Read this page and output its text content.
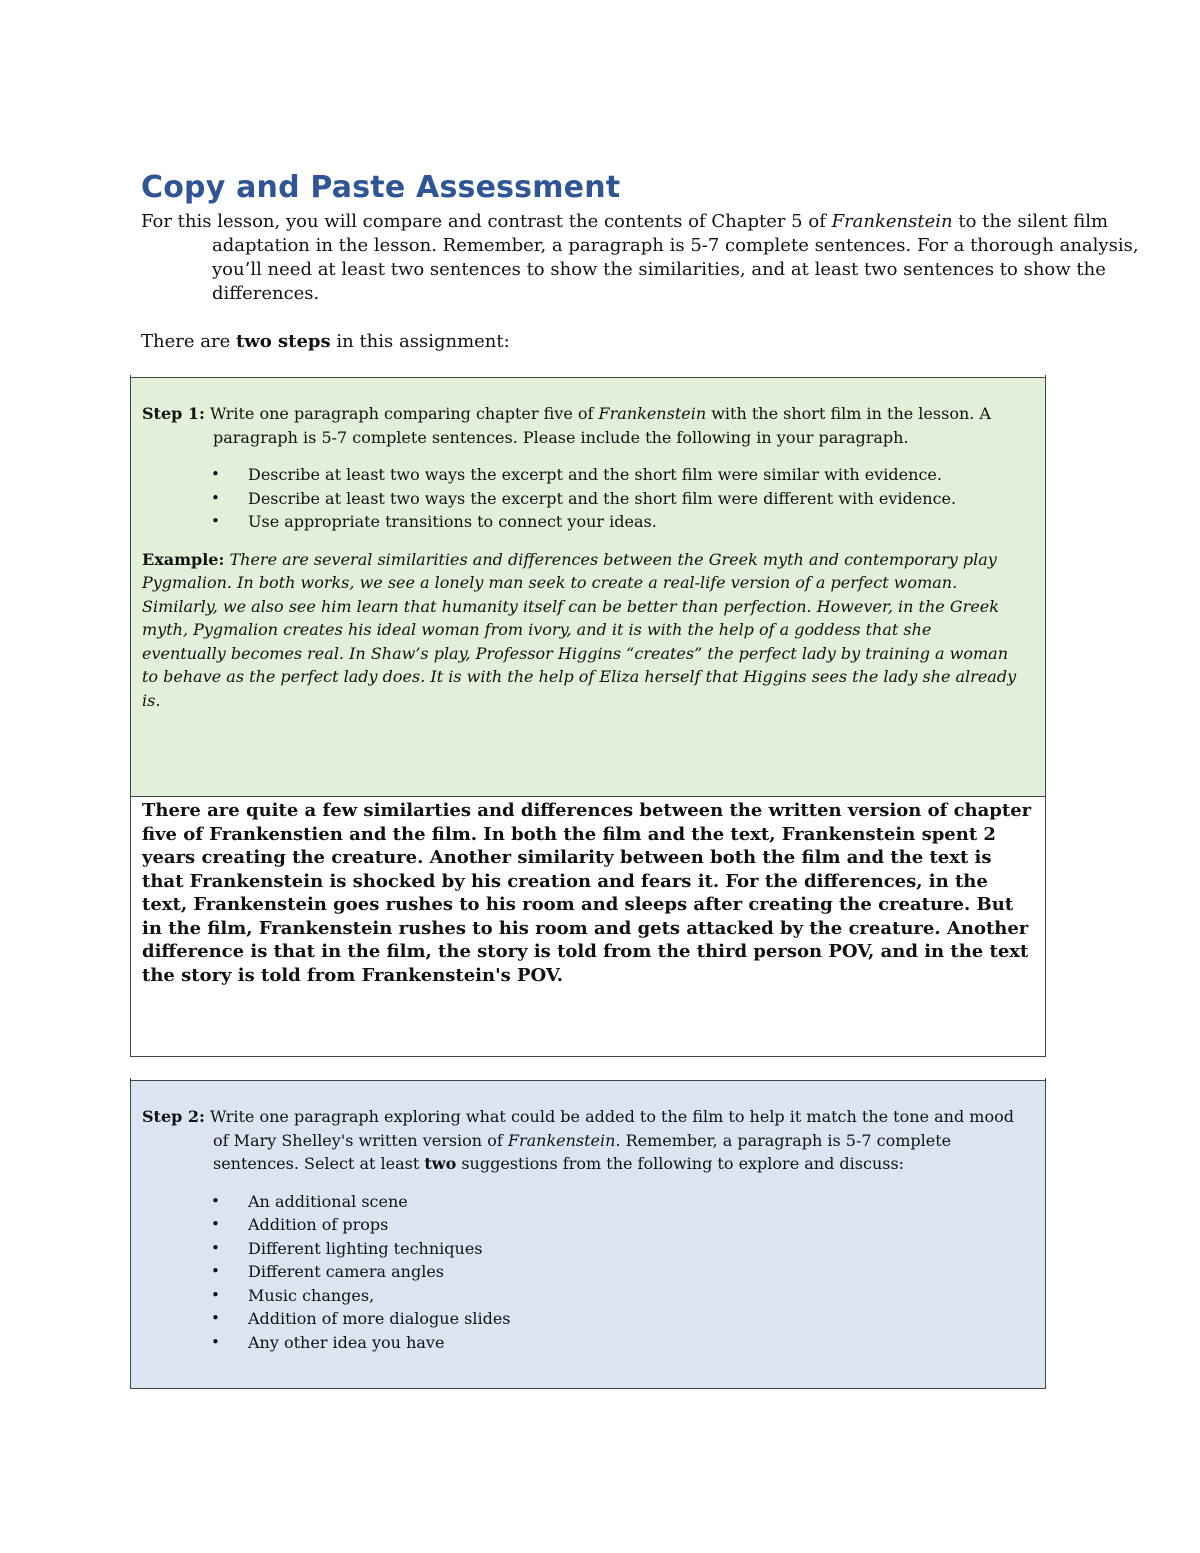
Copy and Paste Assessment

For this lesson, you will compare and contrast the contents of Chapter 5 of Frankenstein to the silent film adaptation in the lesson. Remember, a paragraph is 5-7 complete sentences. For a thorough analysis, you’ll need at least two sentences to show the similarities, and at least two sentences to show the differences.

There are two steps in this assignment:

Step 1: Write one paragraph comparing chapter five of Frankenstein with the short film in the lesson. A paragraph is 5-7 complete sentences. Please include the following in your paragraph.

• Describe at least two ways the excerpt and the short film were similar with evidence.
• Describe at least two ways the excerpt and the short film were different with evidence.
• Use appropriate transitions to connect your ideas.

Example: There are several similarities and differences between the Greek myth and contemporary play Pygmalion. In both works, we see a lonely man seek to create a real-life version of a perfect woman. Similarly, we also see him learn that humanity itself can be better than perfection. However, in the Greek myth, Pygmalion creates his ideal woman from ivory, and it is with the help of a goddess that she eventually becomes real. In Shaw’s play, Professor Higgins “creates” the perfect lady by training a woman to behave as the perfect lady does. It is with the help of Eliza herself that Higgins sees the lady she already is.

There are quite a few similarties and differences between the written version of chapter five of Frankenstien and the film. In both the film and the text, Frankenstein spent 2 years creating the creature. Another similarity between both the film and the text is that Frankenstein is shocked by his creation and fears it. For the differences, in the text, Frankenstein goes rushes to his room and sleeps after creating the creature. But in the film, Frankenstein rushes to his room and gets attacked by the creature. Another difference is that in the film, the story is told from the third person POV, and in the text the story is told from Frankenstein's POV.

Step 2: Write one paragraph exploring what could be added to the film to help it match the tone and mood of Mary Shelley's written version of Frankenstein. Remember, a paragraph is 5-7 complete sentences. Select at least two suggestions from the following to explore and discuss:

• An additional scene
• Addition of props
• Different lighting techniques
• Different camera angles
• Music changes,
• Addition of more dialogue slides
• Any other idea you have
